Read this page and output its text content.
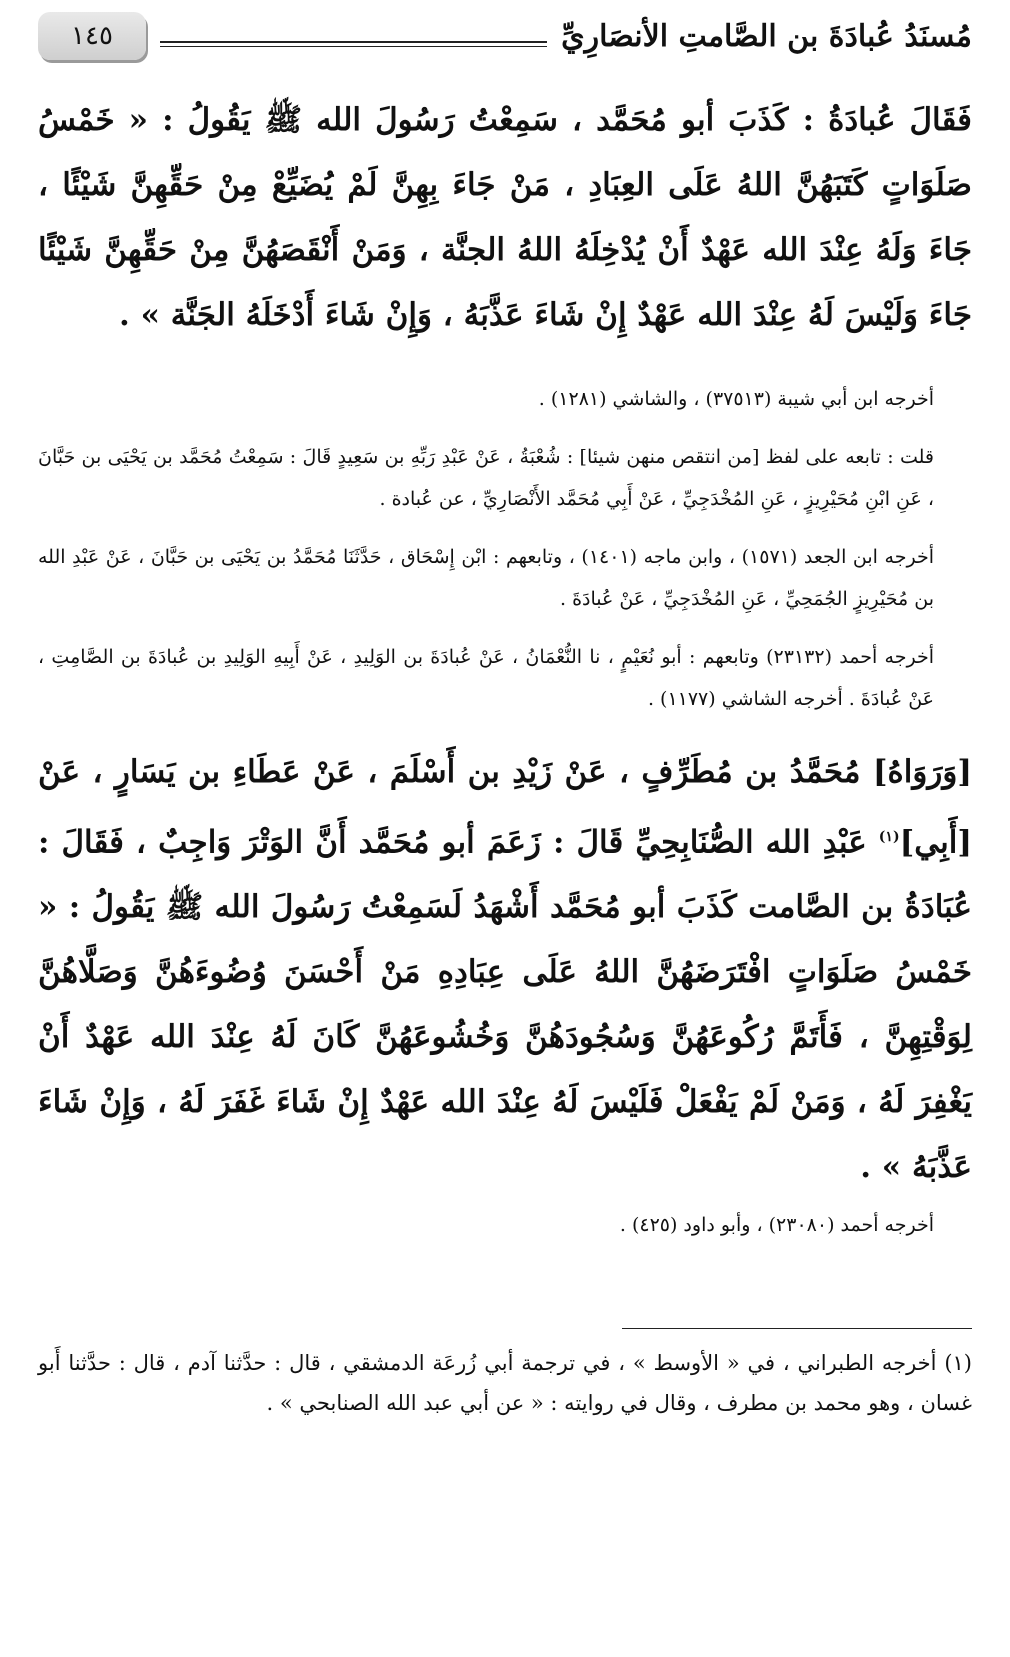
مُسنَدُ عُبادَةَ بن الصَّامتِ الأنصَارِيِّ
١٤٥

فَقَالَ عُبادَةُ : كَذَبَ أبو مُحَمَّد ، سَمِعْتُ رَسُولَ الله ﷺ يَقُولُ : « خَمْسُ صَلَوَاتٍ كَتَبَهُنَّ اللهُ عَلَى العِبَادِ ، مَنْ جَاءَ بِهِنَّ لَمْ يُضَيِّعْ مِنْ حَقِّهِنَّ شَيْئًا ، جَاءَ وَلَهُ عِنْدَ الله عَهْدٌ أَنْ يُدْخِلَهُ اللهُ الجنَّة ، وَمَنْ أَنْقَصَهُنَّ مِنْ حَقِّهِنَّ شَيْئًا جَاءَ وَلَيْسَ لَهُ عِنْدَ الله عَهْدٌ إِنْ شَاءَ عَذَّبَهُ ، وَإِنْ شَاءَ أَدْخَلَهُ الجَنَّة » .

أخرجه ابن أبي شيبة (٣٧٥١٣) ، والشاشي (١٢٨١) .

قلت : تابعه على لفظ [من انتقص منهن شيئا] : شُعْبَةُ ، عَنْ عَبْدِ رَبِّهِ بن سَعِيدٍ قَالَ : سَمِعْتُ مُحَمَّد بن يَحْيَى بن حَبَّانَ ، عَنِ ابْنِ مُحَيْرِيزٍ ، عَنِ المُخْدَجِيِّ ، عَنْ أَبِي مُحَمَّد الأَنْصَارِيِّ ، عن عُبادة .

أخرجه ابن الجعد (١٥٧١) ، وابن ماجه (١٤٠١) ، وتابعهم : ابْن إِسْحَاق ، حَدَّثَنَا مُحَمَّدُ بن يَحْيَى بن حَبَّانَ ، عَنْ عَبْدِ الله بن مُحَيْرِيزٍ الجُمَحِيِّ ، عَنِ المُخْدَجِيِّ ، عَنْ عُبادَةَ .

أخرجه أحمد (٢٣١٣٢) وتابعهم : أبو نُعَيْمٍ ، نا النُّعْمَانُ ، عَنْ عُبادَةَ بن الوَلِيدِ ، عَنْ أَبِيهِ الوَلِيدِ بن عُبادَةَ بن الصَّامِتِ ، عَنْ عُبادَةَ . أخرجه الشاشي (١١٧٧) .

[وَرَوَاهُ] مُحَمَّدُ بن مُطَرِّفٍ ، عَنْ زَيْدِ بن أَسْلَمَ ، عَنْ عَطَاءِ بن يَسَارٍ ، عَنْ [أَبِي]$^{(١)}$ عَبْدِ الله الصُّنَابِحِيِّ قَالَ : زَعَمَ أبو مُحَمَّد أَنَّ الوَتْرَ وَاجِبٌ ، فَقَالَ : عُبَادَةُ بن الصَّامت كَذَبَ أبو مُحَمَّد أَشْهَدُ لَسَمِعْتُ رَسُولَ الله ﷺ يَقُولُ : « خَمْسُ صَلَوَاتٍ افْتَرَضَهُنَّ اللهُ عَلَى عِبَادِهِ مَنْ أَحْسَنَ وُضُوءَهُنَّ وَصَلَّاهُنَّ لِوَقْتِهِنَّ ، فَأَتَمَّ رُكُوعَهُنَّ وَسُجُودَهُنَّ وَخُشُوعَهُنَّ كَانَ لَهُ عِنْدَ الله عَهْدٌ أَنْ يَغْفِرَ لَهُ ، وَمَنْ لَمْ يَفْعَلْ فَلَيْسَ لَهُ عِنْدَ الله عَهْدٌ إِنْ شَاءَ غَفَرَ لَهُ ، وَإِنْ شَاءَ عَذَّبَهُ » .

أخرجه أحمد (٢٣٠٨٠) ، وأبو داود (٤٢٥) .

(١) أخرجه الطبراني ، في « الأوسط » ، في ترجمة أبي زُرعَة الدمشقي ، قال : حدَّثنا آدم ، قال : حدَّثنا أَبو غسان ، وهو محمد بن مطرف ، وقال في روايته : « عن أبي عبد الله الصنابحي » .
